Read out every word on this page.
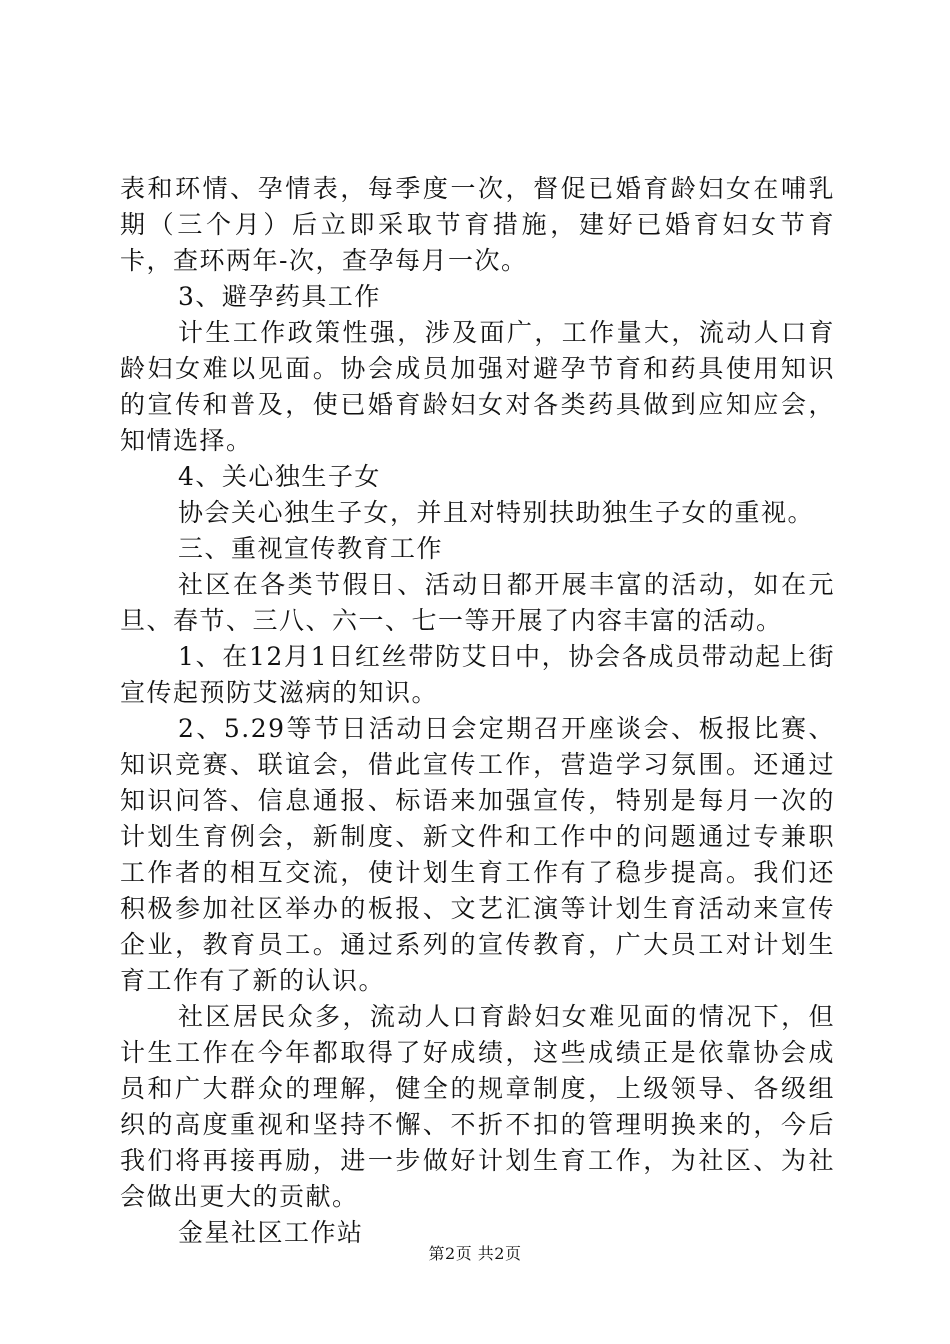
表和环情、孕情表，每季度一次，督促已婚育龄妇女在哺乳期（三个月）后立即采取节育措施，建好已婚育妇女节育卡，查环两年-次，查孕每月一次。

3、避孕药具工作

计生工作政策性强，涉及面广，工作量大，流动人口育龄妇女难以见面。协会成员加强对避孕节育和药具使用知识的宣传和普及，使已婚育龄妇女对各类药具做到应知应会，知情选择。

4、关心独生子女

协会关心独生子女，并且对特别扶助独生子女的重视。

三、重视宣传教育工作

社区在各类节假日、活动日都开展丰富的活动，如在元旦、春节、三八、六一、七一等开展了内容丰富的活动。

1、在12月1日红丝带防艾日中，协会各成员带动起上街宣传起预防艾滋病的知识。

2、5.29等节日活动日会定期召开座谈会、板报比赛、知识竞赛、联谊会，借此宣传工作，营造学习氛围。还通过知识问答、信息通报、标语来加强宣传，特别是每月一次的计划生育例会，新制度、新文件和工作中的问题通过专兼职工作者的相互交流，使计划生育工作有了稳步提高。我们还积极参加社区举办的板报、文艺汇演等计划生育活动来宣传企业，教育员工。通过系列的宣传教育，广大员工对计划生育工作有了新的认识。

社区居民众多，流动人口育龄妇女难见面的情况下，但计生工作在今年都取得了好成绩，这些成绩正是依靠协会成员和广大群众的理解，健全的规章制度，上级领导、各级组织的高度重视和坚持不懈、不折不扣的管理明换来的，今后我们将再接再励，进一步做好计划生育工作，为社区、为社会做出更大的贡献。

金星社区工作站

第2页 共2页
